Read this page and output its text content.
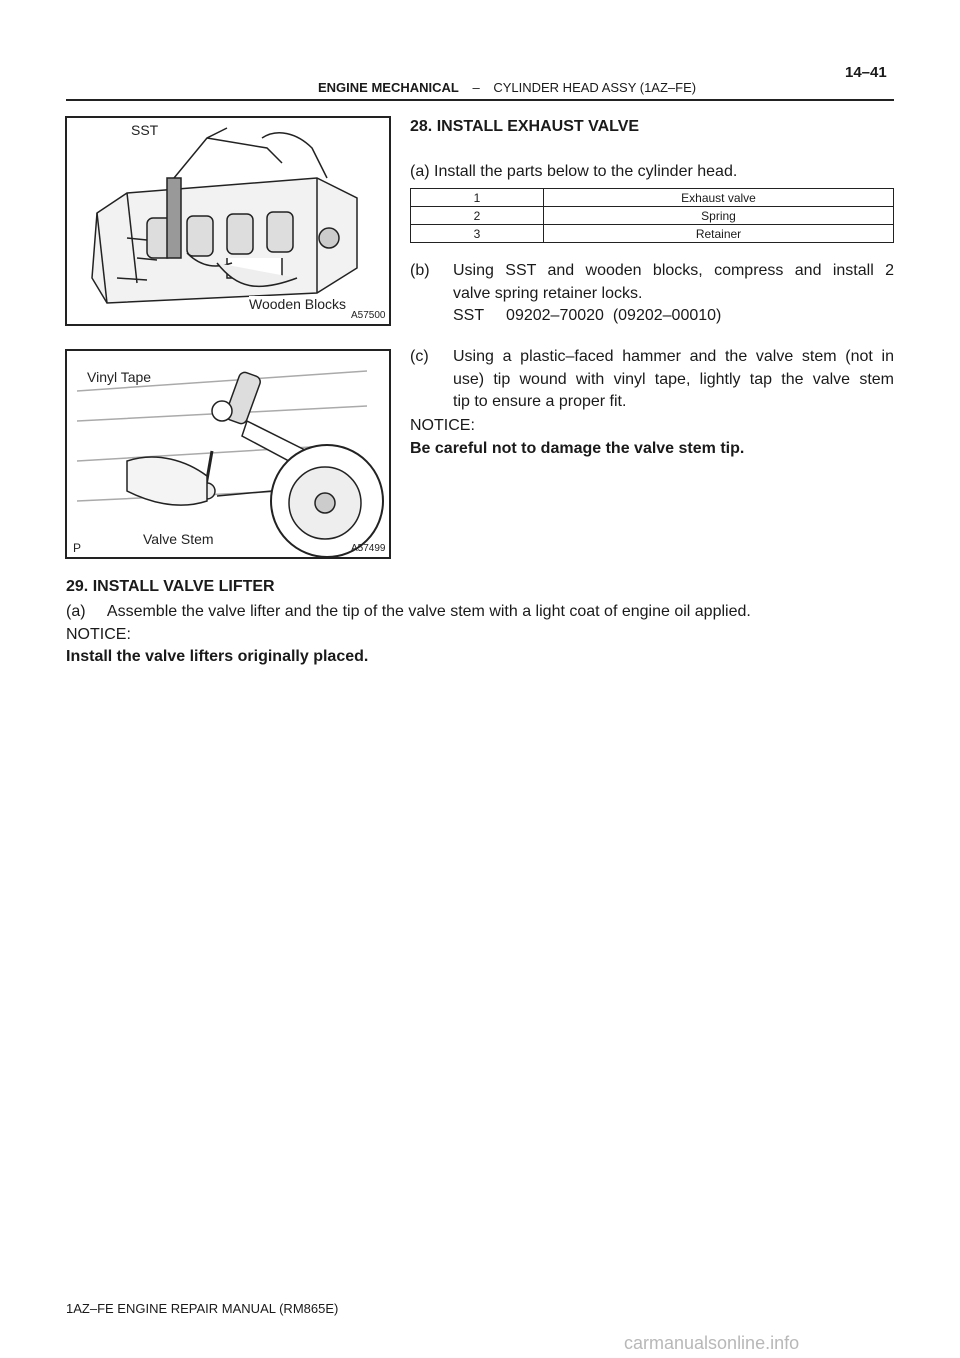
ENGINE MECHANICAL – CYLINDER HEAD ASSY (1AZ–FE)
14–41
SST
Wooden Blocks
A57500
Vinyl Tape
Valve Stem
P	A57499
28. INSTALL EXHAUST VALVE
(a) Install the parts below to the cylinder head.
1	Exhaust valve
2	Spring
3	Retainer
(b) Using SST and wooden blocks, compress and install 2
valve spring retainer locks.
SST     09202–70020  (09202–00010)
(c) Using a plastic–faced hammer and the valve stem (not in
use) tip wound with vinyl tape, lightly tap the valve stem
tip to ensure a proper fit.
NOTICE:
Be careful not to damage the valve stem tip.
29. INSTALL VALVE LIFTER
(a)     Assemble the valve lifter and the tip of the valve stem with a light coat of engine oil applied.
NOTICE:
Install the valve lifters originally placed.
1AZ–FE ENGINE REPAIR MANUAL (RM865E)
carmanualsonline.info
